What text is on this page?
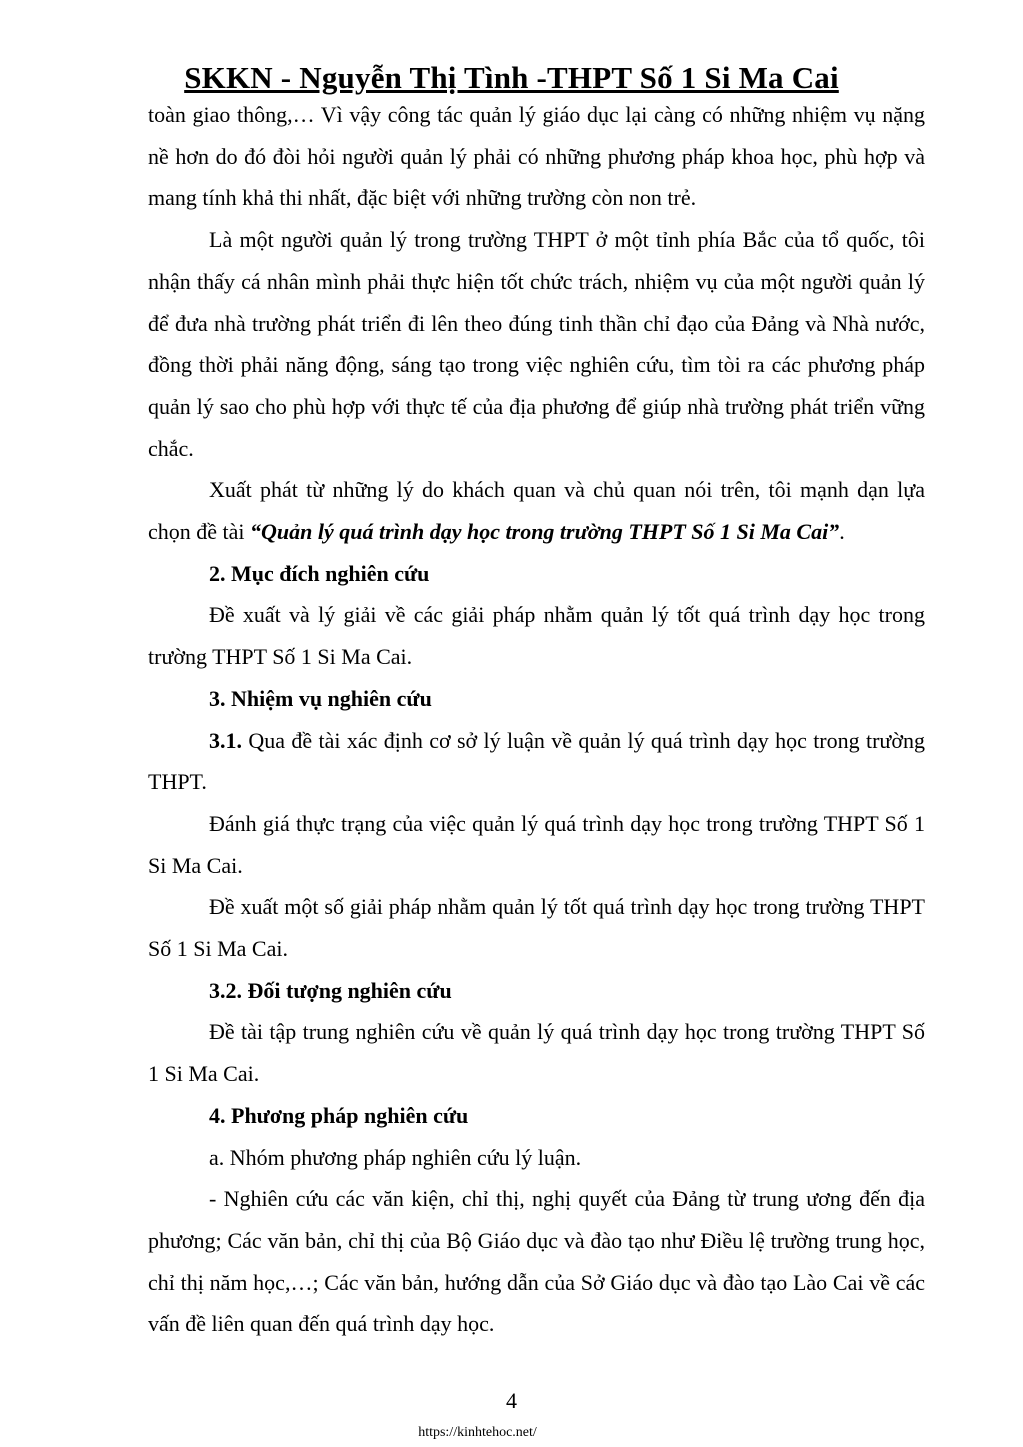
SKKN - Nguyễn Thị Tình -THPT Số 1 Si Ma Cai

toàn giao thông,… Vì vậy công tác quản lý giáo dục lại càng có những nhiệm vụ nặng nề hơn do đó đòi hỏi người quản lý phải có những phương pháp khoa học, phù hợp và mang tính khả thi nhất, đặc biệt với những trường còn non trẻ.

Là một người quản lý trong trường THPT ở một tỉnh phía Bắc của tổ quốc, tôi nhận thấy cá nhân mình phải thực hiện tốt chức trách, nhiệm vụ của một người quản lý để đưa nhà trường phát triển đi lên theo đúng tinh thần chỉ đạo của Đảng và Nhà nước, đồng thời phải năng động, sáng tạo trong việc nghiên cứu, tìm tòi ra các phương pháp quản lý sao cho phù hợp với thực tế của địa phương để giúp nhà trường phát triển vững chắc.

Xuất phát từ những lý do khách quan và chủ quan nói trên, tôi mạnh dạn lựa chọn đề tài “Quản lý quá trình dạy học trong trường THPT Số 1 Si Ma Cai”.

2. Mục đích nghiên cứu

Đề xuất và lý giải về các giải pháp nhằm quản lý tốt quá trình dạy học trong trường THPT Số 1 Si Ma Cai.

3. Nhiệm vụ nghiên cứu

3.1. Qua đề tài xác định cơ sở lý luận về quản lý quá trình dạy học trong trường THPT.

Đánh giá thực trạng của việc quản lý quá trình dạy học trong trường THPT Số 1 Si Ma Cai.

Đề xuất một số giải pháp nhằm quản lý tốt quá trình dạy học trong trường THPT Số 1 Si Ma Cai.

3.2. Đối tượng nghiên cứu

Đề tài tập trung nghiên cứu về quản lý quá trình dạy học trong trường THPT Số 1 Si Ma Cai.

4. Phương pháp nghiên cứu

a. Nhóm phương pháp nghiên cứu lý luận.

- Nghiên cứu các văn kiện, chỉ thị, nghị quyết của Đảng từ trung ương đến địa phương; Các văn bản, chỉ thị của Bộ Giáo dục và đào tạo như Điều lệ trường trung học, chỉ thị năm học,…; Các văn bản, hướng dẫn của Sở Giáo dục và đào tạo Lào Cai về các vấn đề liên quan đến quá trình dạy học.

4
https://kinhtehoc.net/
